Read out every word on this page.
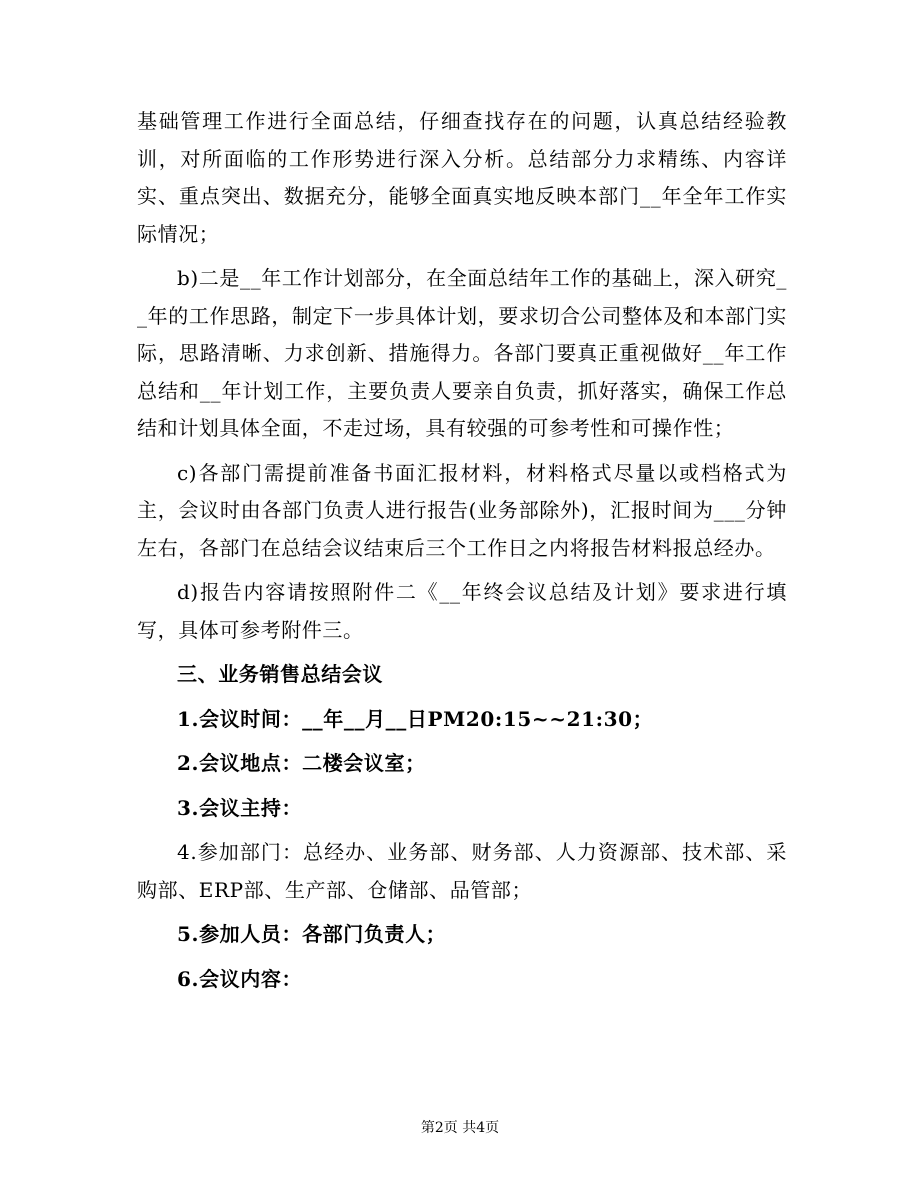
基础管理工作进行全面总结，仔细查找存在的问题，认真总结经验教训，对所面临的工作形势进行深入分析。总结部分力求精练、内容详实、重点突出、数据充分，能够全面真实地反映本部门__年全年工作实际情况；

b)二是__年工作计划部分，在全面总结年工作的基础上，深入研究__年的工作思路，制定下一步具体计划，要求切合公司整体及和本部门实际，思路清晰、力求创新、措施得力。各部门要真正重视做好__年工作总结和__年计划工作，主要负责人要亲自负责，抓好落实，确保工作总结和计划具体全面，不走过场，具有较强的可参考性和可操作性；

c)各部门需提前准备书面汇报材料，材料格式尽量以或档格式为主，会议时由各部门负责人进行报告(业务部除外)，汇报时间为___分钟左右，各部门在总结会议结束后三个工作日之内将报告材料报总经办。

d)报告内容请按照附件二《__年终会议总结及计划》要求进行填写，具体可参考附件三。

三、业务销售总结会议

1.会议时间：__年__月__日PM20:15~~21:30；

2.会议地点：二楼会议室；

3.会议主持：

4.参加部门：总经办、业务部、财务部、人力资源部、技术部、采购部、ERP部、生产部、仓储部、品管部；

5.参加人员：各部门负责人；

6.会议内容：

第2页 共4页
